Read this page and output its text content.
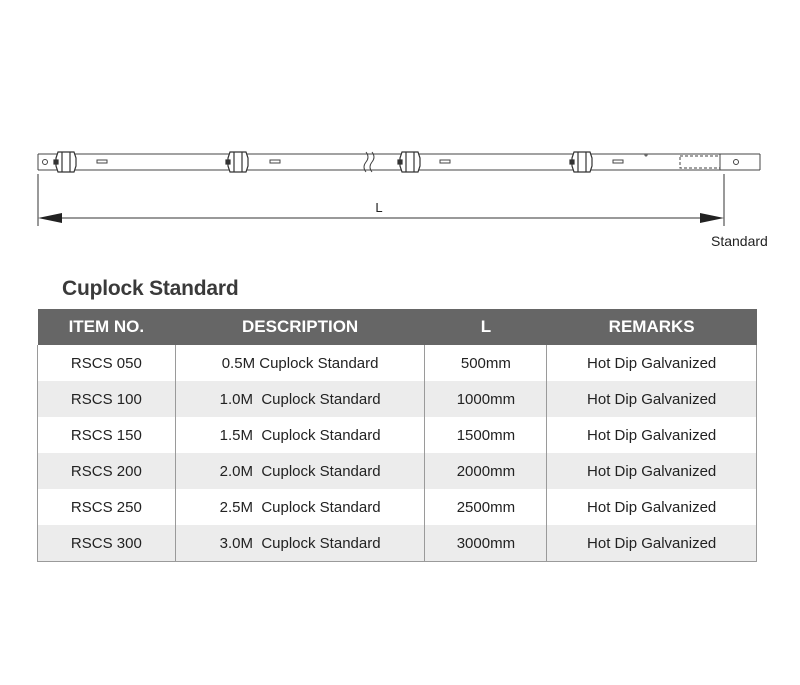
L
Standard
Cuplock Standard
ITEM NO.	DESCRIPTION	L	REMARKS
RSCS 050	0.5M Cuplock Standard	500mm	Hot Dip Galvanized
RSCS 100	1.0M  Cuplock Standard	1000mm	Hot Dip Galvanized
RSCS 150	1.5M  Cuplock Standard	1500mm	Hot Dip Galvanized
RSCS 200	2.0M  Cuplock Standard	2000mm	Hot Dip Galvanized
RSCS 250	2.5M  Cuplock Standard	2500mm	Hot Dip Galvanized
RSCS 300	3.0M  Cuplock Standard	3000mm	Hot Dip Galvanized
